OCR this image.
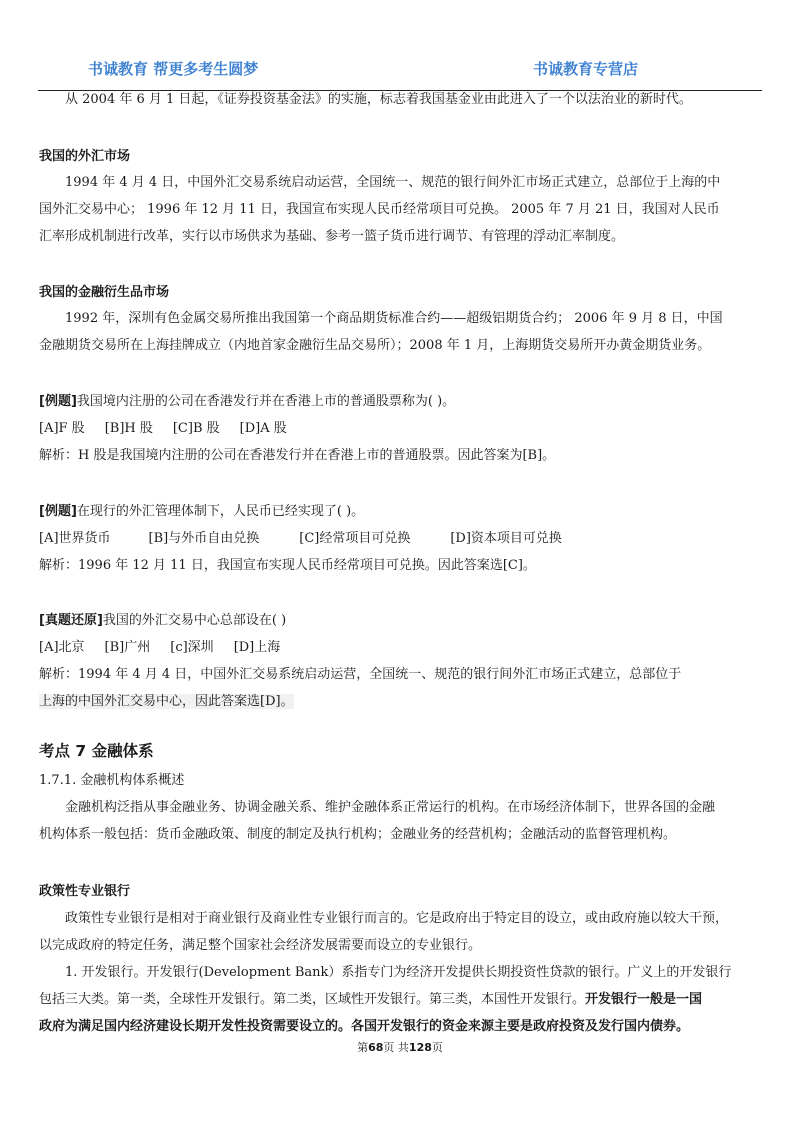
书诚教育 帮更多考生圆梦	书诚教育专营店

从 2004 年 6 月 1 日起，《证券投资基金法》的实施，标志着我国基金业由此进入了一个以法治业的新时代。

我国的外汇市场

1994 年 4 月 4 日，中国外汇交易系统启动运营，全国统一、规范的银行间外汇市场正式建立，总部位于上海的中

国外汇交易中心； 1996 年 12 月 11 日，我国宣布实现人民币经常项目可兑换。 2005 年 7 月 21 日，我国对人民币

汇率形成机制进行改革，实行以市场供求为基础、参考一篮子货币进行调节、有管理的浮动汇率制度。

我国的金融衍生品市场

1992 年，深圳有色金属交易所推出我国第一个商品期货标准合约——超级铝期货合约； 2006 年 9 月 8 日，中国

金融期货交易所在上海挂牌成立（内地首家金融衍生品交易所）；2008 年 1 月，上海期货交易所开办黄金期货业务。

[例题]我国境内注册的公司在香港发行并在香港上市的普通股票称为( )。

[A]F 股 [B]H 股 [C]B 股 [D]A 股

解析：H 股是我国境内注册的公司在香港发行并在香港上市的普通股票。因此答案为[B]。

[例题]在现行的外汇管理体制下，人民币已经实现了( )。

[A]世界货币	[B]与外币自由兑换	[C]经常项目可兑换	[D]资本项目可兑换

解析：1996 年 12 月 11 日，我国宣布实现人民币经常项目可兑换。因此答案选[C]。

[真题还原]我国的外汇交易中心总部设在( )

[A]北京 [B]广州 [c]深圳 [D]上海

解析：1994 年 4 月 4 日，中国外汇交易系统启动运营，全国统一、规范的银行间外汇市场正式建立，总部位于

上海的中国外汇交易中心，因此答案选[D]。

考点 7 金融体系

1.7.1. 金融机构体系概述

金融机构泛指从事金融业务、协调金融关系、维护金融体系正常运行的机构。在市场经济体制下，世界各国的金融

机构体系一般包括：货币金融政策、制度的制定及执行机构；金融业务的经营机构；金融活动的监督管理机构。

政策性专业银行

政策性专业银行是相对于商业银行及商业性专业银行而言的。它是政府出于特定目的设立，或由政府施以较大干预，

以完成政府的特定任务，满足整个国家社会经济发展需要而设立的专业银行。

1. 开发银行。开发银行(Development Bank）系指专门为经济开发提供长期投资性贷款的银行。广义上的开发银行

包括三大类。第一类，全球性开发银行。第二类，区域性开发银行。第三类，本国性开发银行。开发银行一般是一国

政府为满足国内经济建设长期开发性投资需要设立的。各国开发银行的资金来源主要是政府投资及发行国内债券。

第68页 共128页
